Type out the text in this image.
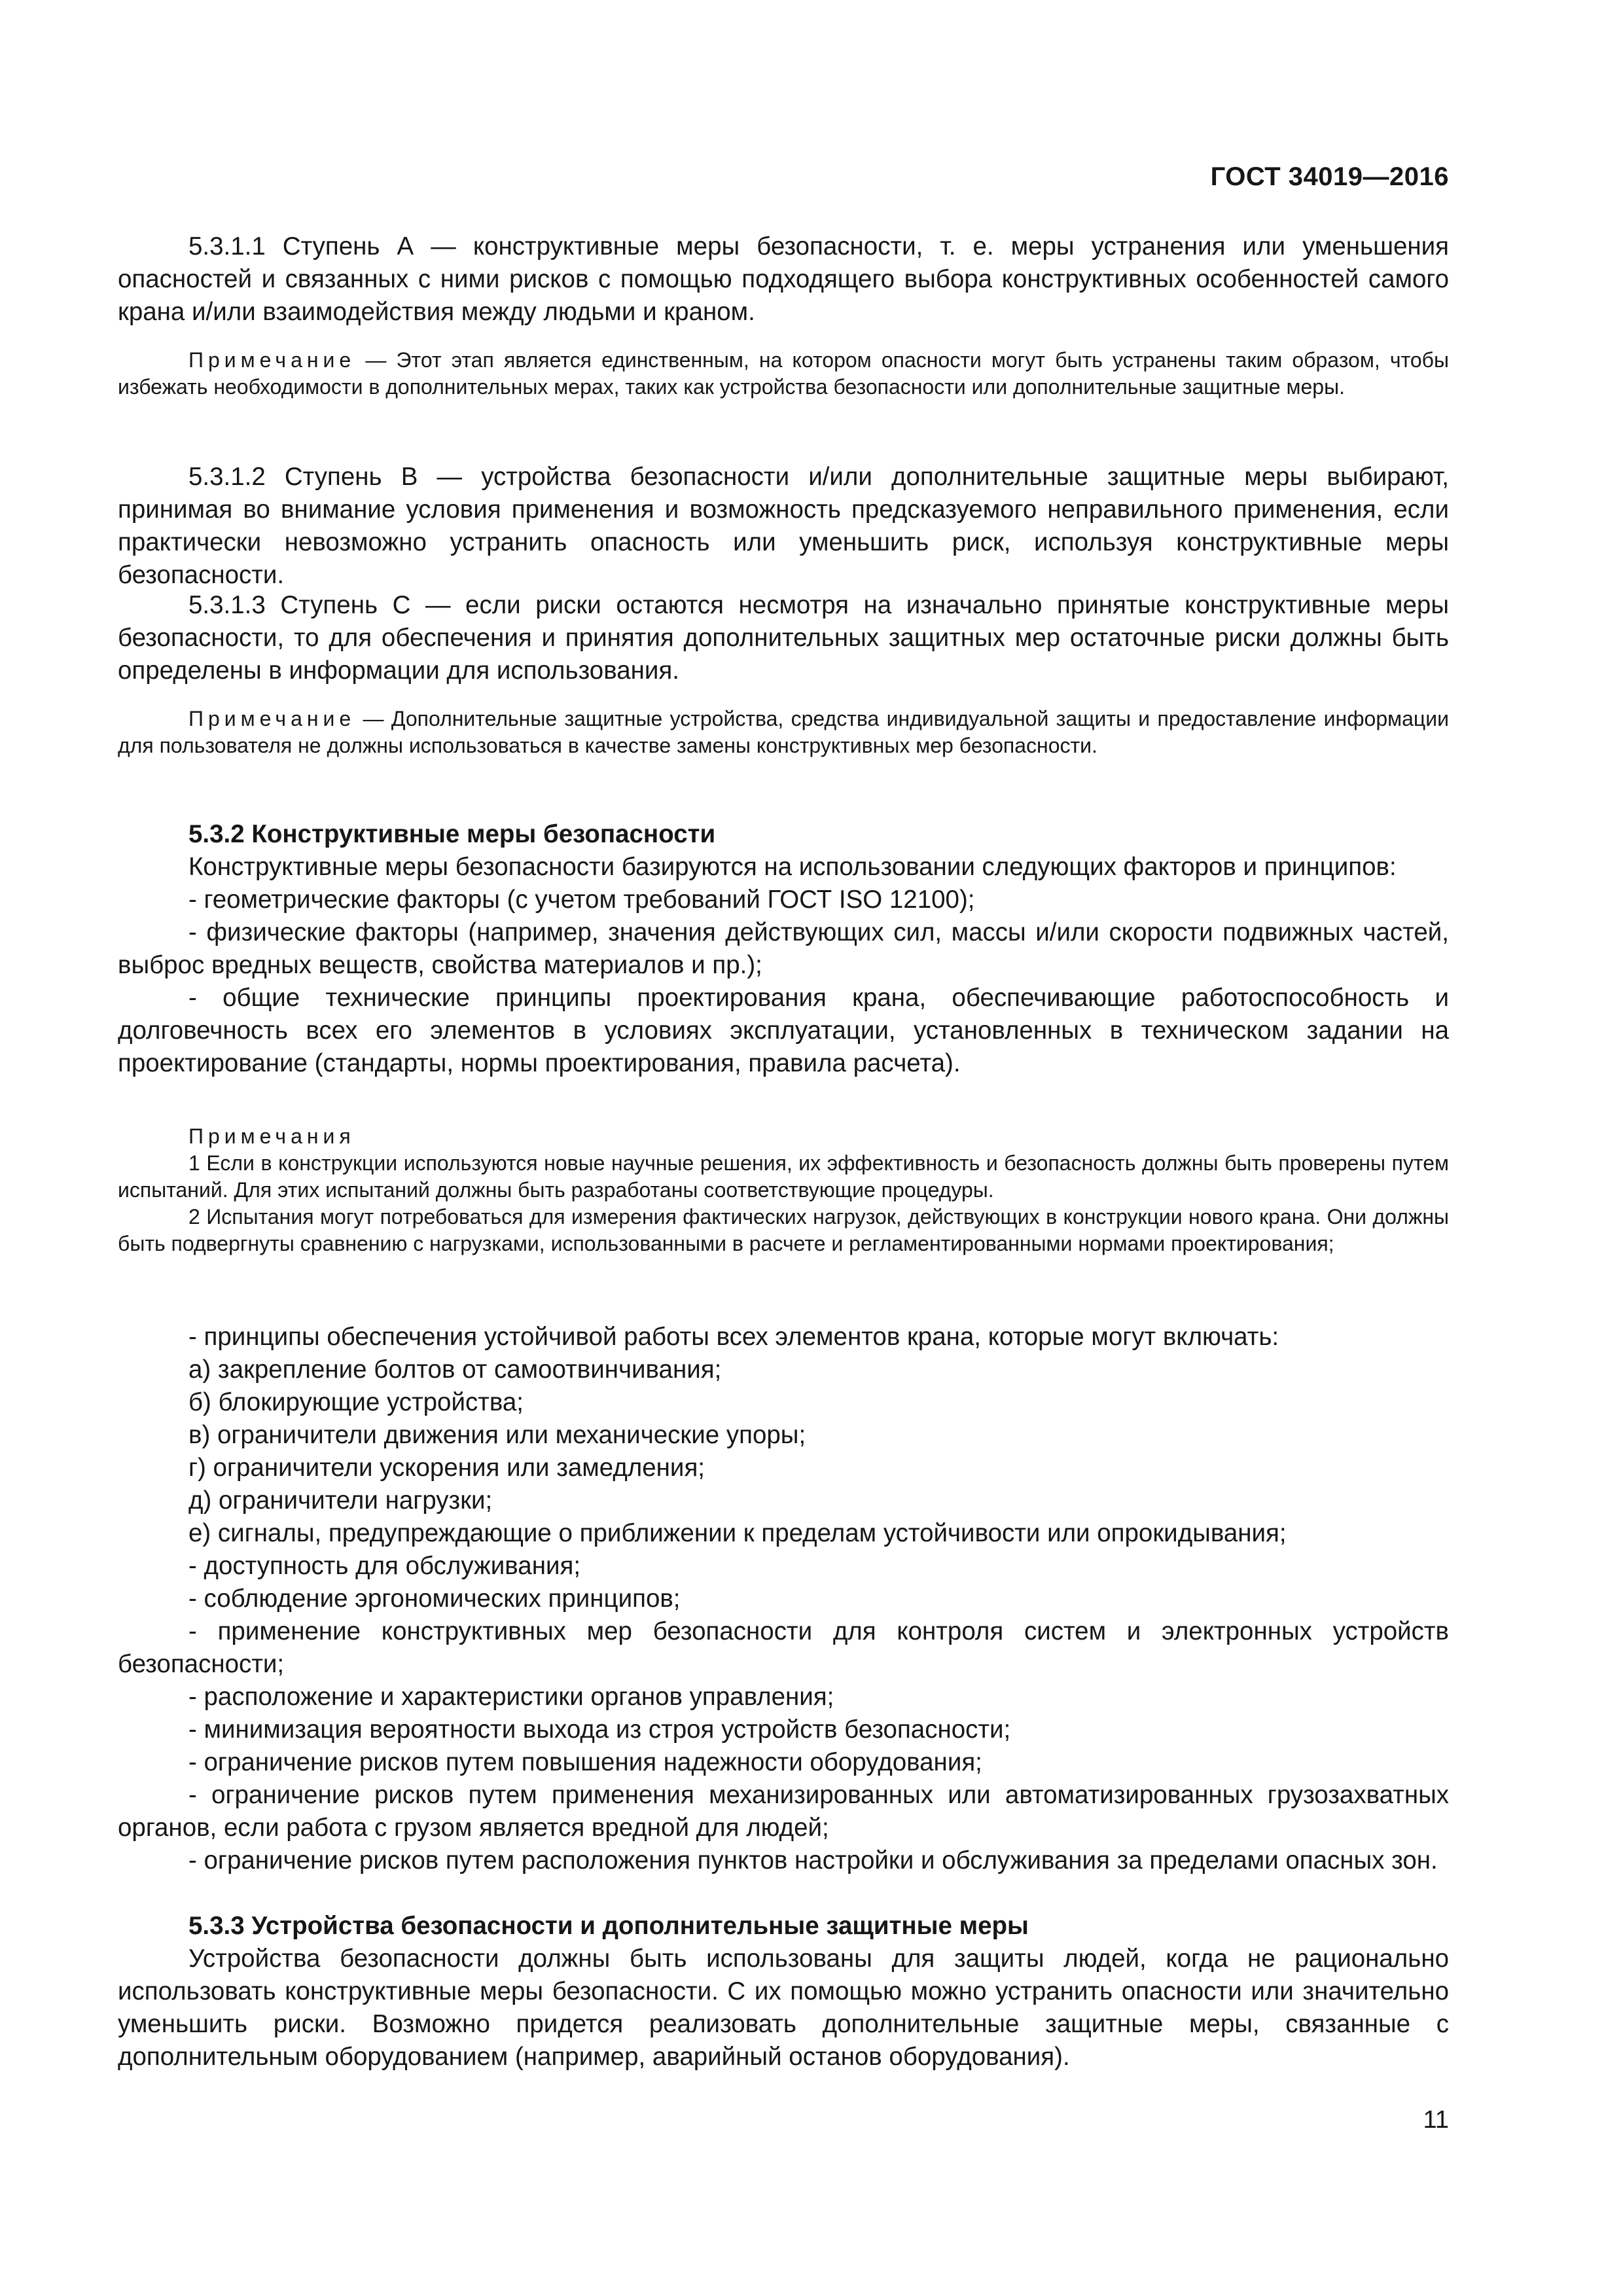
ГОСТ 34019—2016

5.3.1.1 Ступень А — конструктивные меры безопасности, т. е. меры устранения или уменьшения опасностей и связанных с ними рисков с помощью подходящего выбора конструктивных особенностей самого крана и/или взаимодействия между людьми и краном.

Примечание — Этот этап является единственным, на котором опасности могут быть устранены таким образом, чтобы избежать необходимости в дополнительных мерах, таких как устройства безопасности или дополнительные защитные меры.

5.3.1.2 Ступень В — устройства безопасности и/или дополнительные защитные меры выбирают, принимая во внимание условия применения и возможность предсказуемого неправильного применения, если практически невозможно устранить опасность или уменьшить риск, используя конструктивные меры безопасности.

5.3.1.3 Ступень С — если риски остаются несмотря на изначально принятые конструктивные меры безопасности, то для обеспечения и принятия дополнительных защитных мер остаточные риски должны быть определены в информации для использования.

Примечание — Дополнительные защитные устройства, средства индивидуальной защиты и предоставление информации для пользователя не должны использоваться в качестве замены конструктивных мер безопасности.

5.3.2 Конструктивные меры безопасности

Конструктивные меры безопасности базируются на использовании следующих факторов и принципов:

- геометрические факторы (с учетом требований ГОСТ ISO 12100);

- физические факторы (например, значения действующих сил, массы и/или скорости подвижных частей, выброс вредных веществ, свойства материалов и пр.);

- общие технические принципы проектирования крана, обеспечивающие работоспособность и долговечность всех его элементов в условиях эксплуатации, установленных в техническом задании на проектирование (стандарты, нормы проектирования, правила расчета).

Примечания

1 Если в конструкции используются новые научные решения, их эффективность и безопасность должны быть проверены путем испытаний. Для этих испытаний должны быть разработаны соответствующие процедуры.

2 Испытания могут потребоваться для измерения фактических нагрузок, действующих в конструкции нового крана. Они должны быть подвергнуты сравнению с нагрузками, использованными в расчете и регламентированными нормами проектирования;

- принципы обеспечения устойчивой работы всех элементов крана, которые могут включать:

а) закрепление болтов от самоотвинчивания;

б) блокирующие устройства;

в) ограничители движения или механические упоры;

г) ограничители ускорения или замедления;

д) ограничители нагрузки;

е) сигналы, предупреждающие о приближении к пределам устойчивости или опрокидывания;

- доступность для обслуживания;

- соблюдение эргономических принципов;

- применение конструктивных мер безопасности для контроля систем и электронных устройств безопасности;

- расположение и характеристики органов управления;

- минимизация вероятности выхода из строя устройств безопасности;

- ограничение рисков путем повышения надежности оборудования;

- ограничение рисков путем применения механизированных или автоматизированных грузозахватных органов, если работа с грузом является вредной для людей;

- ограничение рисков путем расположения пунктов настройки и обслуживания за пределами опасных зон.

5.3.3 Устройства безопасности и дополнительные защитные меры

Устройства безопасности должны быть использованы для защиты людей, когда не рационально использовать конструктивные меры безопасности. С их помощью можно устранить опасности или значительно уменьшить риски. Возможно придется реализовать дополнительные защитные меры, связанные с дополнительным оборудованием (например, аварийный останов оборудования).

11
